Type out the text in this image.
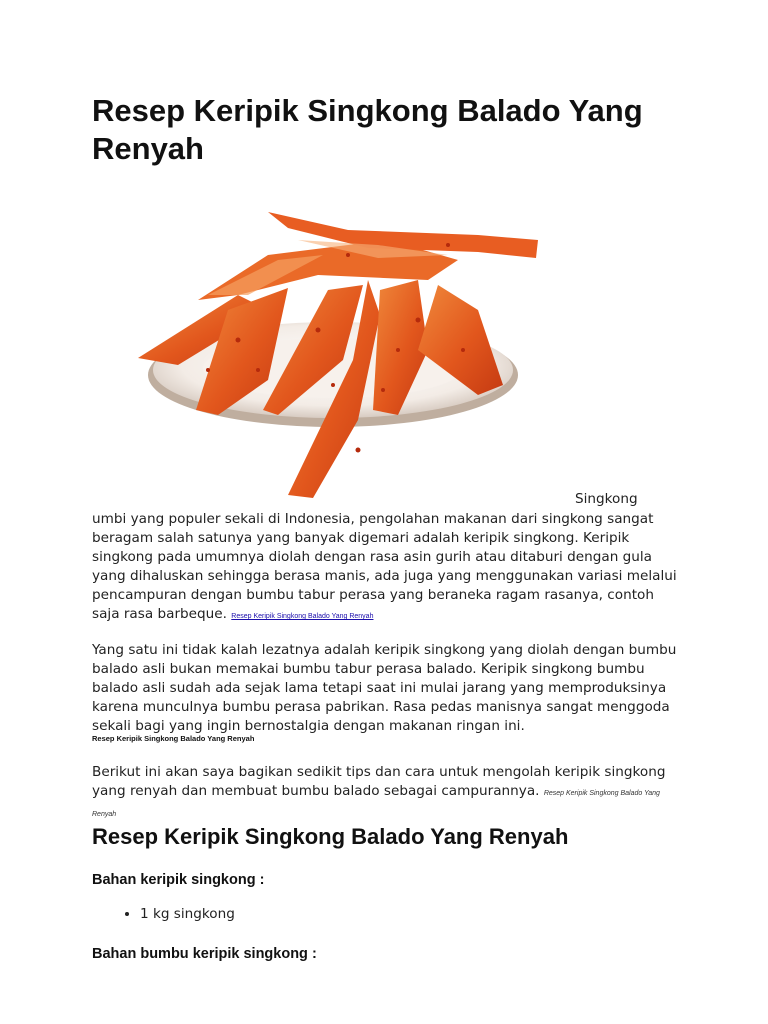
Resep Keripik Singkong Balado Yang Renyah
Singkong

umbi yang populer sekali di Indonesia, pengolahan makanan dari singkong sangat beragam salah satunya yang banyak digemari adalah keripik singkong. Keripik singkong pada umumnya diolah dengan rasa asin gurih atau ditaburi dengan gula yang dihaluskan sehingga berasa manis, ada juga yang menggunakan variasi melalui pencampuran dengan bumbu tabur perasa yang beraneka ragam rasanya, contoh saja rasa barbeque. Resep Keripik Singkong Balado Yang Renyah

Yang satu ini tidak kalah lezatnya adalah keripik singkong yang diolah dengan bumbu balado asli bukan memakai bumbu tabur perasa balado. Keripik singkong bumbu balado asli sudah ada sejak lama tetapi saat ini mulai jarang yang memproduksinya karena munculnya bumbu perasa pabrikan. Rasa pedas manisnya sangat menggoda sekali bagi yang ingin bernostalgia dengan makanan ringan ini.

Resep Keripik Singkong Balado Yang Renyah

Berikut ini akan saya bagikan sedikit tips dan cara untuk mengolah keripik singkong yang renyah dan membuat bumbu balado sebagai campurannya. Resep Keripik Singkong Balado Yang Renyah

Resep Keripik Singkong Balado Yang Renyah

Bahan keripik singkong :

• 1 kg singkong

Bahan bumbu keripik singkong :
